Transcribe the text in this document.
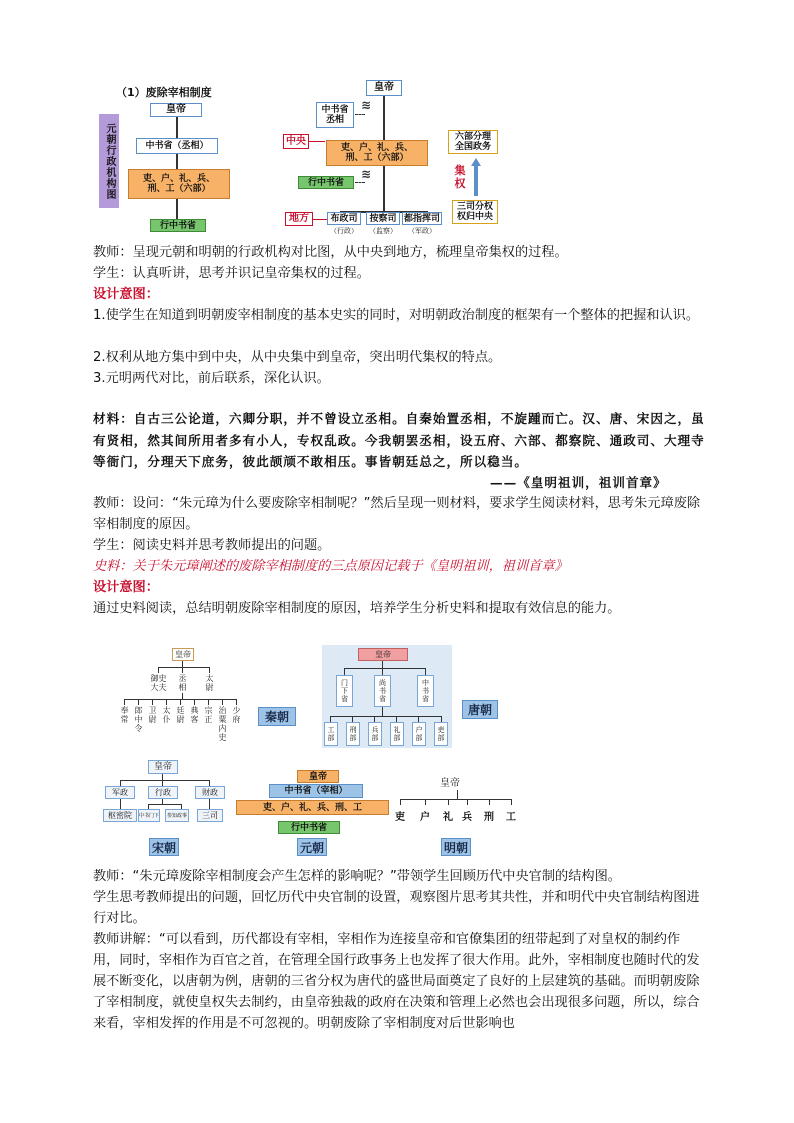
（1）废除宰相制度
元朝行政机构图
皇帝
中书省（丞相）
吏、户、礼、兵、刑、工（六部）
行中书省
皇帝
中书省丞相
≋
中央
吏、户、礼、兵、刑、工（六部）
≋
行中书省
地方	布政司
（行政）
按察司
（监察）
都指挥司
（军政）
六部分理全国政务
集权
三司分权权归中央
教师：呈现元朝和明朝的行政机构对比图，从中央到地方，梳理皇帝集权的过程。
学生：认真听讲，思考并识记皇帝集权的过程。
设计意图：
1.使学生在知道到明朝废宰相制度的基本史实的同时，对明朝政治制度的框架有一个整体的把握和认识。
2.权利从地方集中到中央，从中央集中到皇帝，突出明代集权的特点。
3.元明两代对比，前后联系，深化认识。
材料：自古三公论道，六卿分职，并不曾设立丞相。自秦始置丞相，不旋踵而亡。汉、唐、宋因之，虽有贤相，然其间所用者多有小人，专权乱政。今我朝罢丞相，设五府、六部、都察院、通政司、大理寺等衙门，分理天下庶务，彼此颉颃不敢相压。事皆朝廷总之，所以稳当。
——《皇明祖训，祖训首章》
教师：设问：“朱元璋为什么要废除宰相制呢？”然后呈现一则材料，要求学生阅读材料，思考朱元璋废除宰相制度的原因。
学生：阅读史料并思考教师提出的问题。
史料：关于朱元璋阐述的废除宰相制度的三点原因记载于《皇明祖训，祖训首章》
设计意图：
通过史料阅读，总结明朝废除宰相制度的原因，培养学生分析史料和提取有效信息的能力。
皇帝
御史大夫
丞相
太尉
奉常
郎中令
卫尉
太仆
廷尉
典客
宗正
治粟内史
少府	秦朝
皇帝
门下省	尚书省	中书省
工部 刑部 兵部 礼部 户部 吏部
唐朝
皇帝
军政	行政	财政
枢密院	中书门下	参知政事	三司
宋朝
皇帝
中书省（宰相）
吏、户、礼、兵、刑、工
行中书省
元朝
皇帝
吏 户 礼 兵 刑 工
明朝
教师：“朱元璋废除宰相制度会产生怎样的影响呢？”带领学生回顾历代中央官制的结构图。
学生思考教师提出的问题，回忆历代中央官制的设置，观察图片思考其共性，并和明代中央官制结构图进行对比。
教师讲解：“可以看到，历代都设有宰相，宰相作为连接皇帝和官僚集团的纽带起到了对皇权的制约作用，同时，宰相作为百官之首，在管理全国行政事务上也发挥了很大作用。此外，宰相制度也随时代的发展不断变化，以唐朝为例，唐朝的三省分权为唐代的盛世局面奠定了良好的上层建筑的基础。而明朝废除了宰相制度，就使皇权失去制约，由皇帝独裁的政府在决策和管理上必然也会出现很多问题，所以，综合来看，宰相发挥的作用是不可忽视的。明朝废除了宰相制度对后世影响也
